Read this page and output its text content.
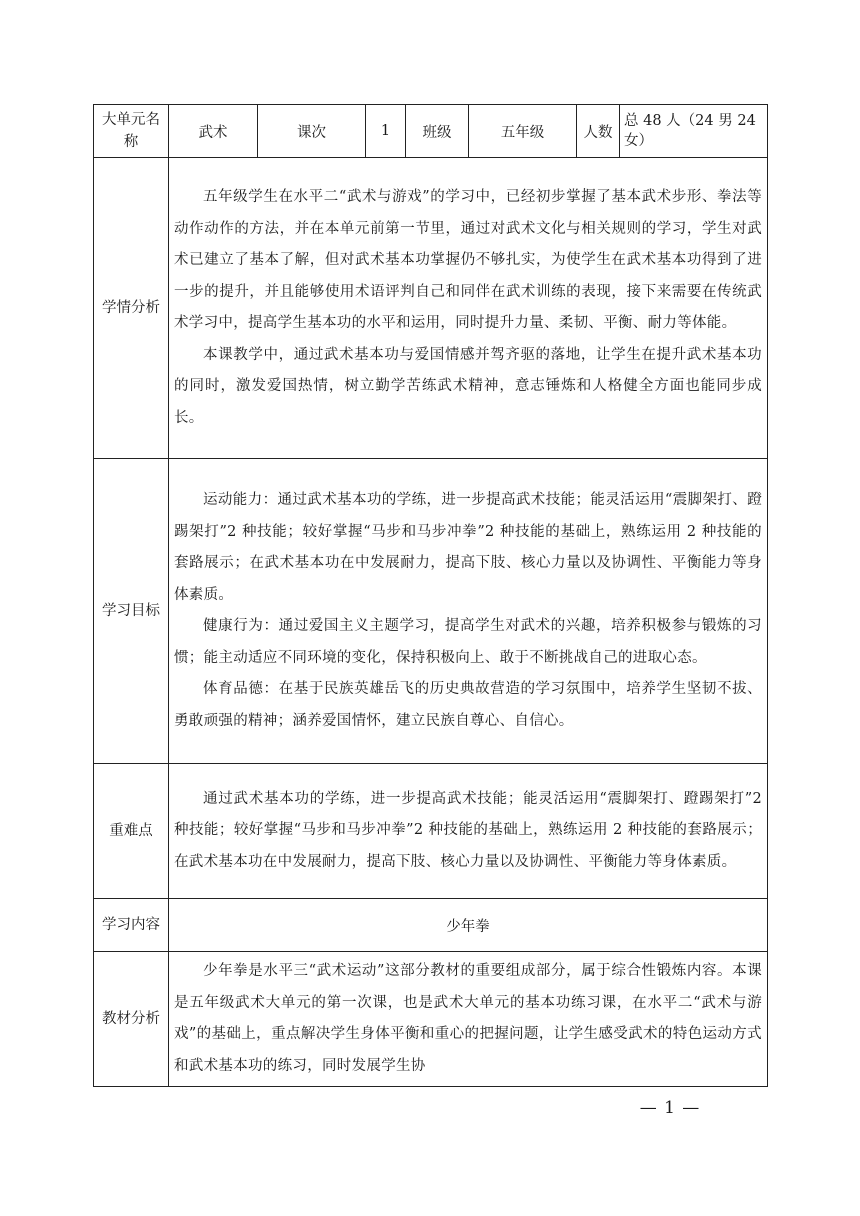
大单元名称	武术	课次	1	班级	五年级	人数	总 48 人（24 男 24 女）
学情分析	五年级学生在水平二“武术与游戏”的学习中，已经初步掌握了基本武术步形、拳法等动作动作的方法，并在本单元前第一节里，通过对武术文化与相关规则的学习，学生对武术已建立了基本了解，但对武术基本功掌握仍不够扎实，为使学生在武术基本功得到了进一步的提升，并且能够使用术语评判自己和同伴在武术训练的表现，接下来需要在传统武术学习中，提高学生基本功的水平和运用，同时提升力量、柔韧、平衡、耐力等体能。

本课教学中，通过武术基本功与爱国情感并驾齐驱的落地，让学生在提升武术基本功的同时，激发爱国热情，树立勤学苦练武术精神，意志锤炼和人格健全方面也能同步成长。						

学习目标	运动能力：通过武术基本功的学练，进一步提高武术技能；能灵活运用“震脚架打、蹬踢架打”2 种技能；较好掌握“马步和马步冲拳”2 种技能的基础上，熟练运用 2 种技能的套路展示；在武术基本功在中发展耐力，提高下肢、核心力量以及协调性、平衡能力等身体素质。

健康行为：通过爱国主义主题学习，提高学生对武术的兴趣，培养积极参与锻炼的习惯；能主动适应不同环境的变化，保持积极向上、敢于不断挑战自己的进取心态。

体育品德：在基于民族英雄岳飞的历史典故营造的学习氛围中，培养学生坚韧不拔、勇敢顽强的精神；涵养爱国情怀，建立民族自尊心、自信心。						

重难点	通过武术基本功的学练，进一步提高武术技能；能灵活运用“震脚架打、蹬踢架打”2 种技能；较好掌握“马步和马步冲拳”2 种技能的基础上，熟练运用 2 种技能的套路展示；在武术基本功在中发展耐力，提高下肢、核心力量以及协调性、平衡能力等身体素质。						

学习内容	少年拳						
教材分析	少年拳是水平三“武术运动”这部分教材的重要组成部分，属于综合性锻炼内容。本课是五年级武术大单元的第一次课，也是武术大单元的基本功练习课，在水平二“武术与游戏”的基础上，重点解决学生身体平衡和重心的把握问题，让学生感受武术的特色运动方式和武术基本功的练习，同时发展学生协						

— 1 —
